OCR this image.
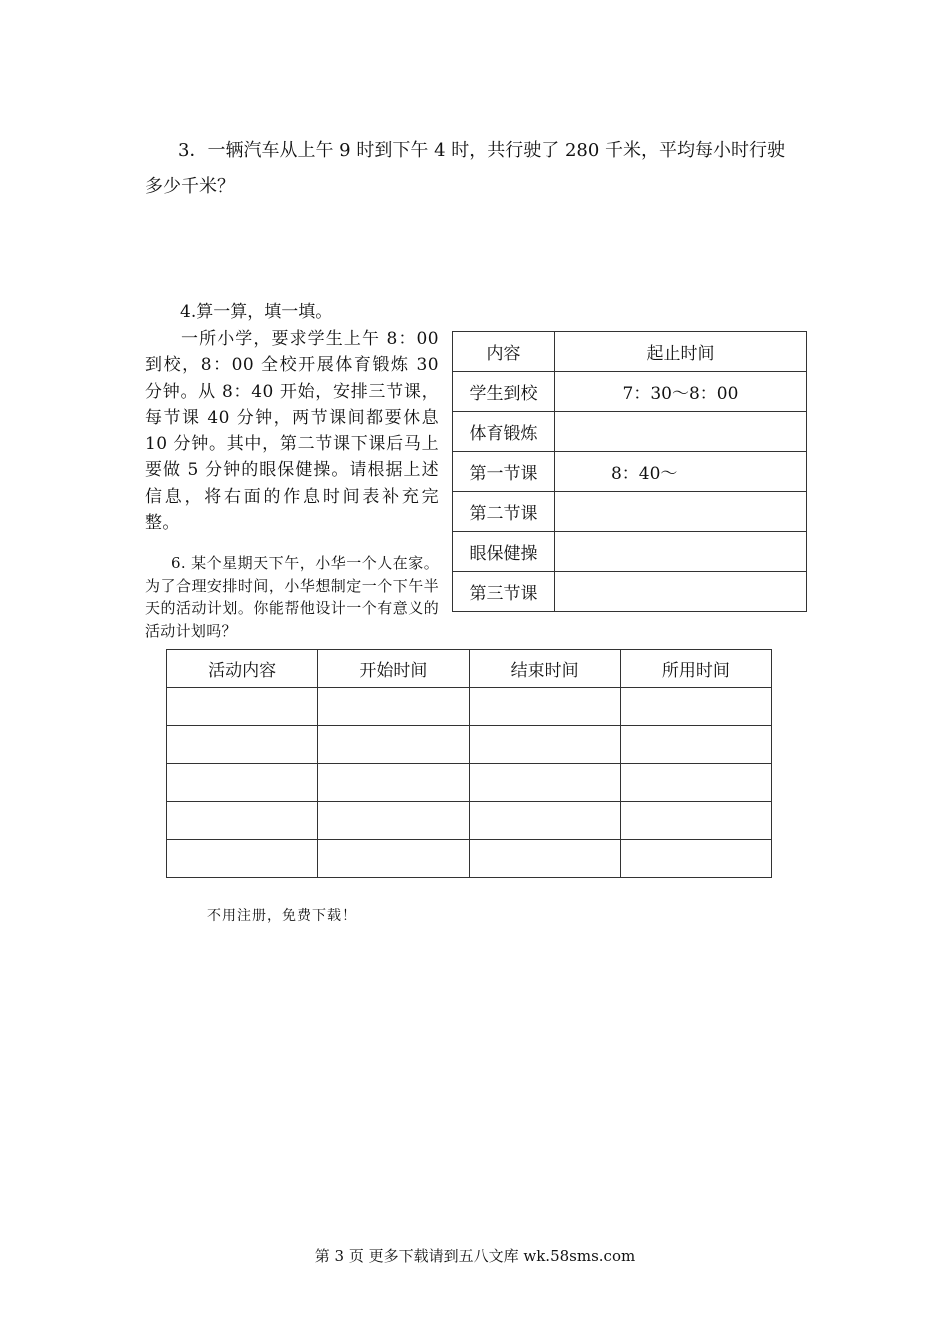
3．一辆汽车从上午 9 时到下午 4 时，共行驶了 280 千米，平均每小时行驶
多少千米？
4.算一算，填一填。
一所小学，要求学生上午 8：00 到校，8：00 全校开展体育锻炼 30 分钟。从 8：40 开始，安排三节课，每节课 40 分钟，两节课间都要休息 10 分钟。其中，第二节课下课后马上要做 5 分钟的眼保健操。请根据上述信息，将右面的作息时间表补充完整。
内容	起止时间
学生到校	7：30～8：00
体育锻炼	
第一节课	8：40～
第二节课	
眼保健操	
第三节课	
6. 某个星期天下午，小华一个人在家。为了合理安排时间，小华想制定一个下午半天的活动计划。你能帮他设计一个有意义的活动计划吗？
活动内容	开始时间	结束时间	所用时间

不用注册，免费下载！
第 3 页 更多下载请到五八文库 wk.58sms.com
